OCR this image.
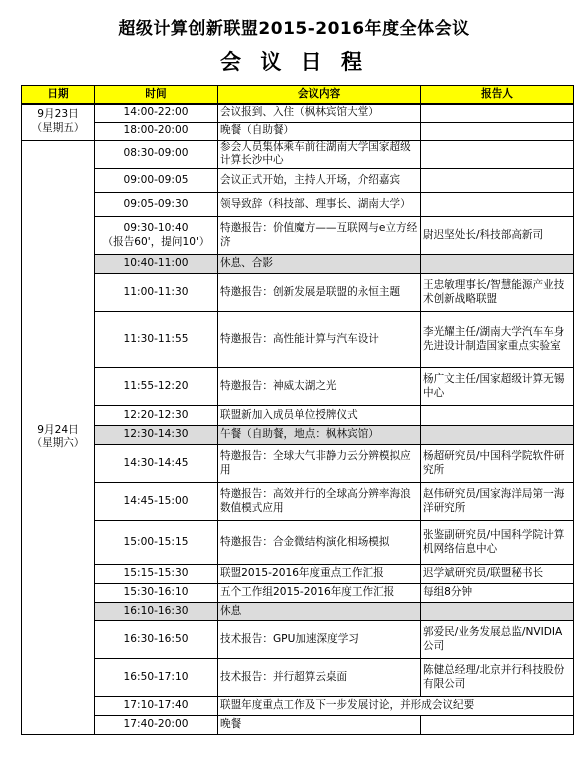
超级计算创新联盟2015-2016年度全体会议
会 议 日 程
日期	时间	会议内容	报告人

9月23日
（星期五）	14:00-22:00	会议报到、入住（枫林宾馆大堂）	
	18:00-20:00	晚餐（自助餐）	

9月24日
（星期六）	08:30-09:00	参会人员集体乘车前往湖南大学国家超级计算长沙中心	
	09:00-09:05	会议正式开始，主持人开场，介绍嘉宾	
	09:05-09:30	领导致辞（科技部、理事长、湖南大学）	

	09:30-10:40
（报告60'，提问10'）	特邀报告：价值魔方——互联网与e立方经济	尉迟坚处长/科技部高新司
	10:40-11:00	休息、合影	
	11:00-11:30	特邀报告：创新发展是联盟的永恒主题	王忠敏理事长/智慧能源产业技术创新战略联盟
	11:30-11:55	特邀报告：高性能计算与汽车设计	李光耀主任/湖南大学汽车车身先进设计制造国家重点实验室
	11:55-12:20	特邀报告：神威太湖之光	杨广文主任/国家超级计算无锡中心
	12:20-12:30	联盟新加入成员单位授牌仪式	
	12:30-14:30	午餐（自助餐，地点：枫林宾馆）	
	14:30-14:45	特邀报告：全球大气非静力云分辨模拟应用	杨超研究员/中国科学院软件研究所
	14:45-15:00	特邀报告：高效并行的全球高分辨率海浪数值模式应用	赵伟研究员/国家海洋局第一海洋研究所
	15:00-15:15	特邀报告：合金微结构演化相场模拟	张鉴副研究员/中国科学院计算机网络信息中心
	15:15-15:30	联盟2015-2016年度重点工作汇报	迟学斌研究员/联盟秘书长
	15:30-16:10	五个工作组2015-2016年度工作汇报	每组8分钟
	16:10-16:30	休息	
	16:30-16:50	技术报告：GPU加速深度学习	郭爱民/业务发展总监/NVIDIA公司
	16:50-17:10	技术报告：并行超算云桌面	陈健总经理/北京并行科技股份有限公司
	17:10-17:40	联盟年度重点工作及下一步发展讨论，并形成会议纪要	
	17:40-20:00	晚餐	
